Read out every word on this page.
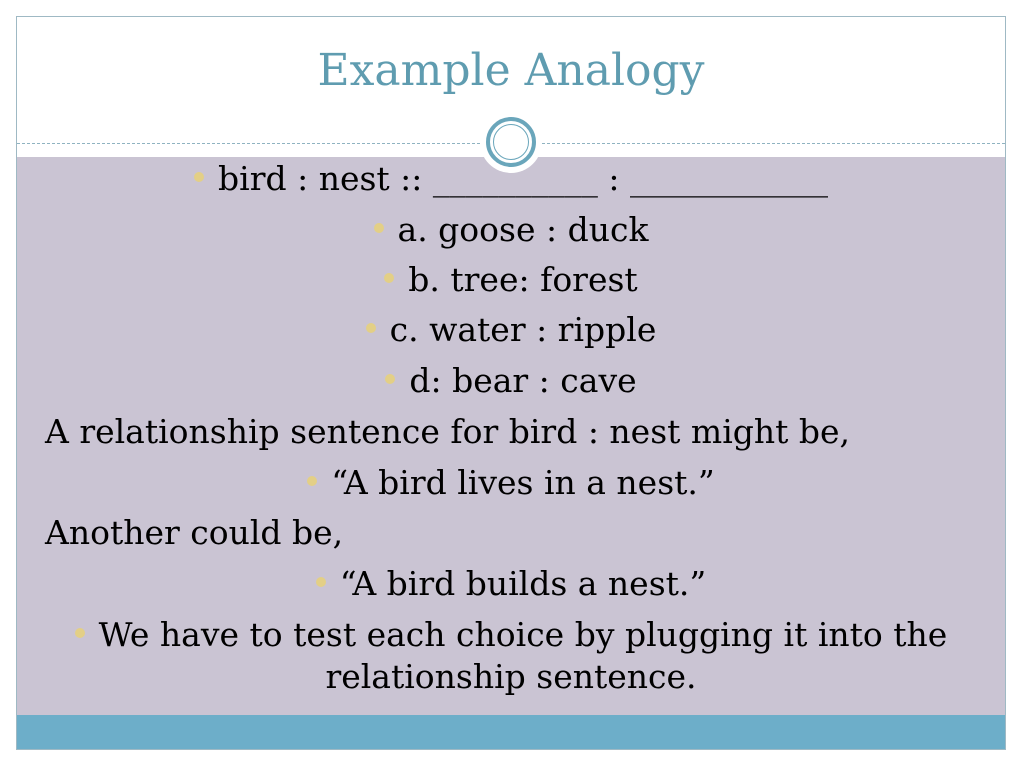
Example Analogy
bird : nest :: __________ : ____________
a. goose : duck
b. tree: forest
c. water : ripple
d: bear : cave
A relationship sentence for bird : nest might be,
“A bird lives in a nest.”
Another could be,
“A bird builds a nest.”
We have to test each choice by plugging it into the relationship sentence.
